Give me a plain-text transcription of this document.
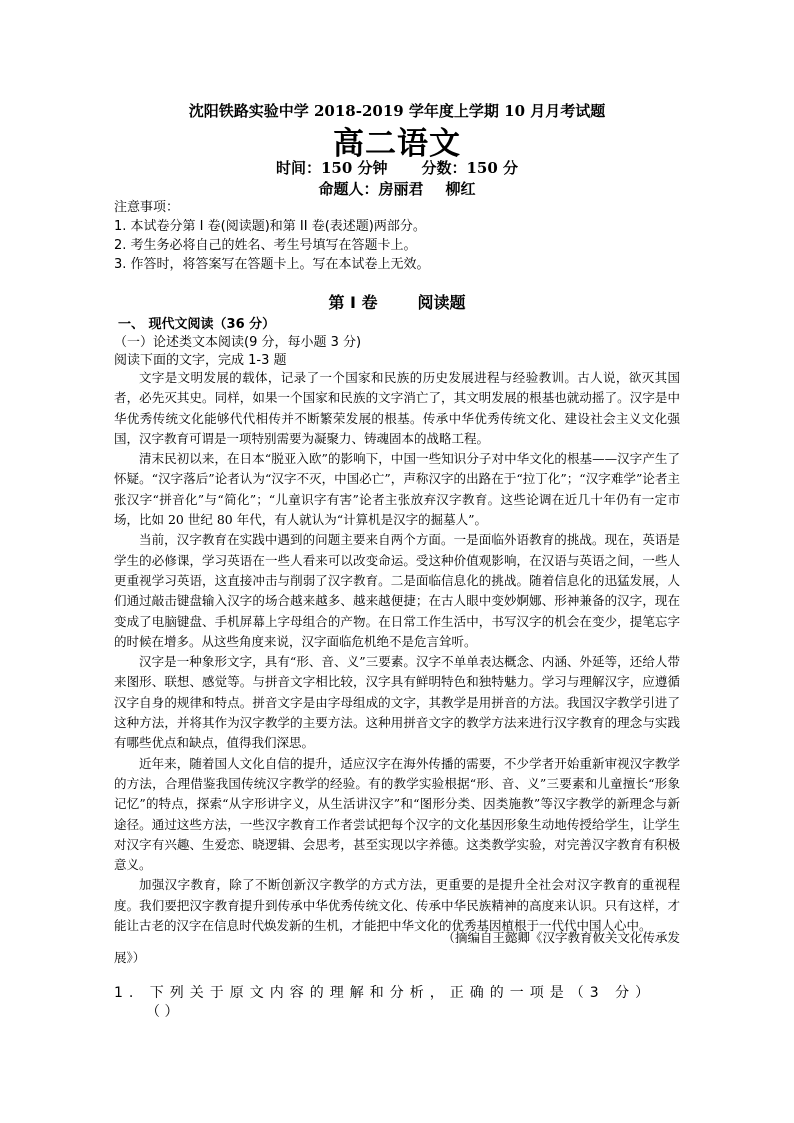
沈阳铁路实验中学 2018-2019 学年度上学期 10 月月考试题
高二语文
时间：150 分钟 分数：150 分
命题人：房丽君 柳红
注意事项：
1. 本试卷分第 I 卷(阅读题)和第 II 卷(表述题)两部分。
2. 考生务必将自己的姓名、考生号填写在答题卡上。
3. 作答时，将答案写在答题卡上。写在本试卷上无效。
第 I 卷	阅读题
一、 现代文阅读（36 分）
（一）论述类文本阅读(9 分，每小题 3 分)
阅读下面的文字，完成 1-3 题

文字是文明发展的载体，记录了一个国家和民族的历史发展进程与经验教训。古人说，欲灭其国者，必先灭其史。同样，如果一个国家和民族的文字消亡了，其文明发展的根基也就动摇了。汉字是中华优秀传统文化能够代代相传并不断繁荣发展的根基。传承中华优秀传统文化、建设社会主义文化强国，汉字教育可谓是一项特别需要为凝聚力、铸魂固本的战略工程。

清末民初以来，在日本“脱亚入欧”的影响下，中国一些知识分子对中华文化的根基——汉字产生了怀疑。“汉字落后”论者认为“汉字不灭，中国必亡”，声称汉字的出路在于“拉丁化”；“汉字难学”论者主张汉字“拼音化”与“简化”；“儿童识字有害”论者主张放弃汉字教育。这些论调在近几十年仍有一定市场，比如 20 世纪 80 年代，有人就认为“计算机是汉字的掘墓人”。

当前，汉字教育在实践中遇到的问题主要来自两个方面。一是面临外语教育的挑战。现在，英语是学生的必修课，学习英语在一些人看来可以改变命运。受这种价值观影响，在汉语与英语之间，一些人更重视学习英语，这直接冲击与削弱了汉字教育。二是面临信息化的挑战。随着信息化的迅猛发展，人们通过敲击键盘输入汉字的场合越来越多、越来越便捷；在古人眼中变妙婀娜、形神兼备的汉字，现在变成了电脑键盘、手机屏幕上字母组合的产物。在日常工作生活中，书写汉字的机会在变少，提笔忘字的时候在增多。从这些角度来说，汉字面临危机绝不是危言耸听。

汉字是一种象形文字，具有“形、音、义”三要素。汉字不单单表达概念、内涵、外延等，还给人带来图形、联想、感觉等。与拼音文字相比较，汉字具有鲜明特色和独特魅力。学习与理解汉字，应遵循汉字自身的规律和特点。拼音文字是由字母组成的文字，其教学是用拼音的方法。我国汉字教学引进了这种方法，并将其作为汉字教学的主要方法。这种用拼音文字的教学方法来进行汉字教育的理念与实践有哪些优点和缺点，值得我们深思。

近年来，随着国人文化自信的提升，适应汉字在海外传播的需要，不少学者开始重新审视汉字教学的方法，合理借鉴我国传统汉字教学的经验。有的教学实验根据“形、音、义”三要素和儿童擅长“形象记忆”的特点，探索“从字形讲字义，从生活讲汉字”和“图形分类、因类施教”等汉字教学的新理念与新途径。通过这些方法，一些汉字教育工作者尝试把每个汉字的文化基因形象生动地传授给学生，让学生对汉字有兴趣、生爱恋、晓逻辑、会思考，甚至实现以字养德。这类教学实验，对完善汉字教育有积极意义。

加强汉字教育，除了不断创新汉字教学的方式方法，更重要的是提升全社会对汉字教育的重视程度。我们要把汉字教育提升到传承中华优秀传统文化、传承中华民族精神的高度来认识。只有这样，才能让古老的汉字在信息时代焕发新的生机，才能把中华文化的优秀基因植根于一代代中国人心中。

（摘编自王懿卿《汉字教育攸关文化传承发
展》）
1. 下列关于原文内容的理解和分析，正确的一项是（3 分）
（ ）
